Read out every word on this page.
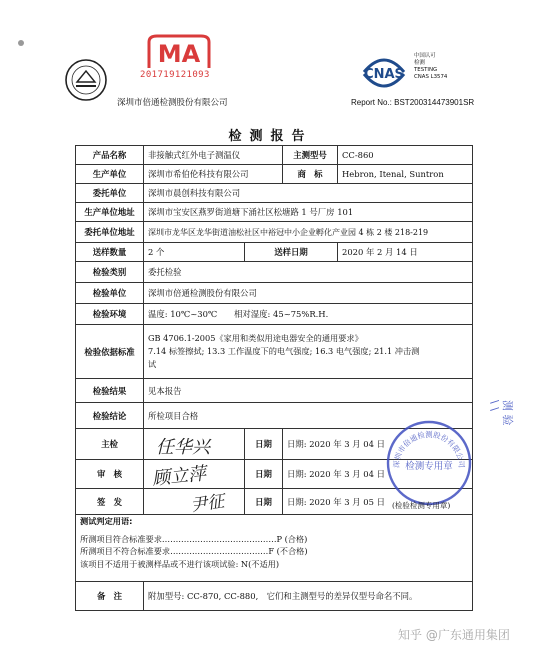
MA
201719121093
深圳市倍通检测股份有限公司
CNAS
中国认可
检测
TESTING
CNAS L3574
Report No.: BST200314473901SR
检测报告
产品名称	非接触式红外电子测温仪		主测型号	CC-860
生产单位	深圳市希伯伦科技有限公司		商　标	Hebron, Itenal, Suntron
委托单位	深圳市晨创科技有限公司			
生产单位地址	深圳市宝安区燕罗街道塘下涌社区松塘路 1 号厂房 101			
委托单位地址	深圳市龙华区龙华街道油松社区中裕冠中小企业孵化产业园 4 栋 2 楼 218-219			
送样数量	2 个	送样日期		2020 年 2 月 14 日
检验类别	委托检验			
检验单位	深圳市倍通检测股份有限公司			
检验环境	温度: 10℃~30℃　　相对湿度: 45~75%R.H.			
检验依据标准	GB 4706.1-2005《家用和类似用途电器安全的通用要求》
7.14 标签擦拭; 13.3 工作温度下的电气强度; 16.3 电气强度; 21.1 冲击测
试			

检验结果	见本报告			
检验结论	所检项目合格			
主检	任华兴	日期	日期: 2020 年 3 月 04 日	
审　核	顾立萍	日期	日期: 2020 年 3 月 04 日	
签　发	尹征	日期	日期: 2020 年 3 月 05 日	

测试判定用语:
所测项目符合标准要求……………………………………P (合格)
所测项目不符合标准要求………………………………F (不合格)
该项目不适用于被测样品或不进行该项试验: N(不适用)				

备　注	附加型号: CC-870, CC-880,　它们和主测型号的差异仅型号命名不同。			
深圳市倍通检测股份有限公司
检测专用章
(检验检测专用章)
测 验 \ \
知乎 @广东通用集团
